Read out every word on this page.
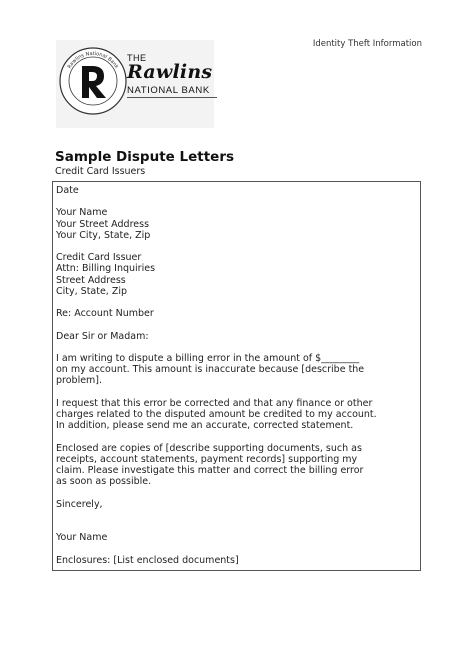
Identity Theft Information
Rawlins National Bank
THE
Rawlins
NATIONAL BANK
Sample Dispute Letters
Credit Card Issuers
Date
Your Name
Your Street Address
Your City, State, Zip
Credit Card Issuer
Attn: Billing Inquiries
Street Address
City, State, Zip
Re: Account Number
Dear Sir or Madam:
I am writing to dispute a billing error in the amount of $________
on my account. This amount is inaccurate because [describe the
problem].
I request that this error be corrected and that any finance or other
charges related to the disputed amount be credited to my account.
In addition, please send me an accurate, corrected statement.
Enclosed are copies of [describe supporting documents, such as
receipts, account statements, payment records] supporting my
claim. Please investigate this matter and correct the billing error
as soon as possible.
Sincerely,
Your Name
Enclosures: [List enclosed documents]
